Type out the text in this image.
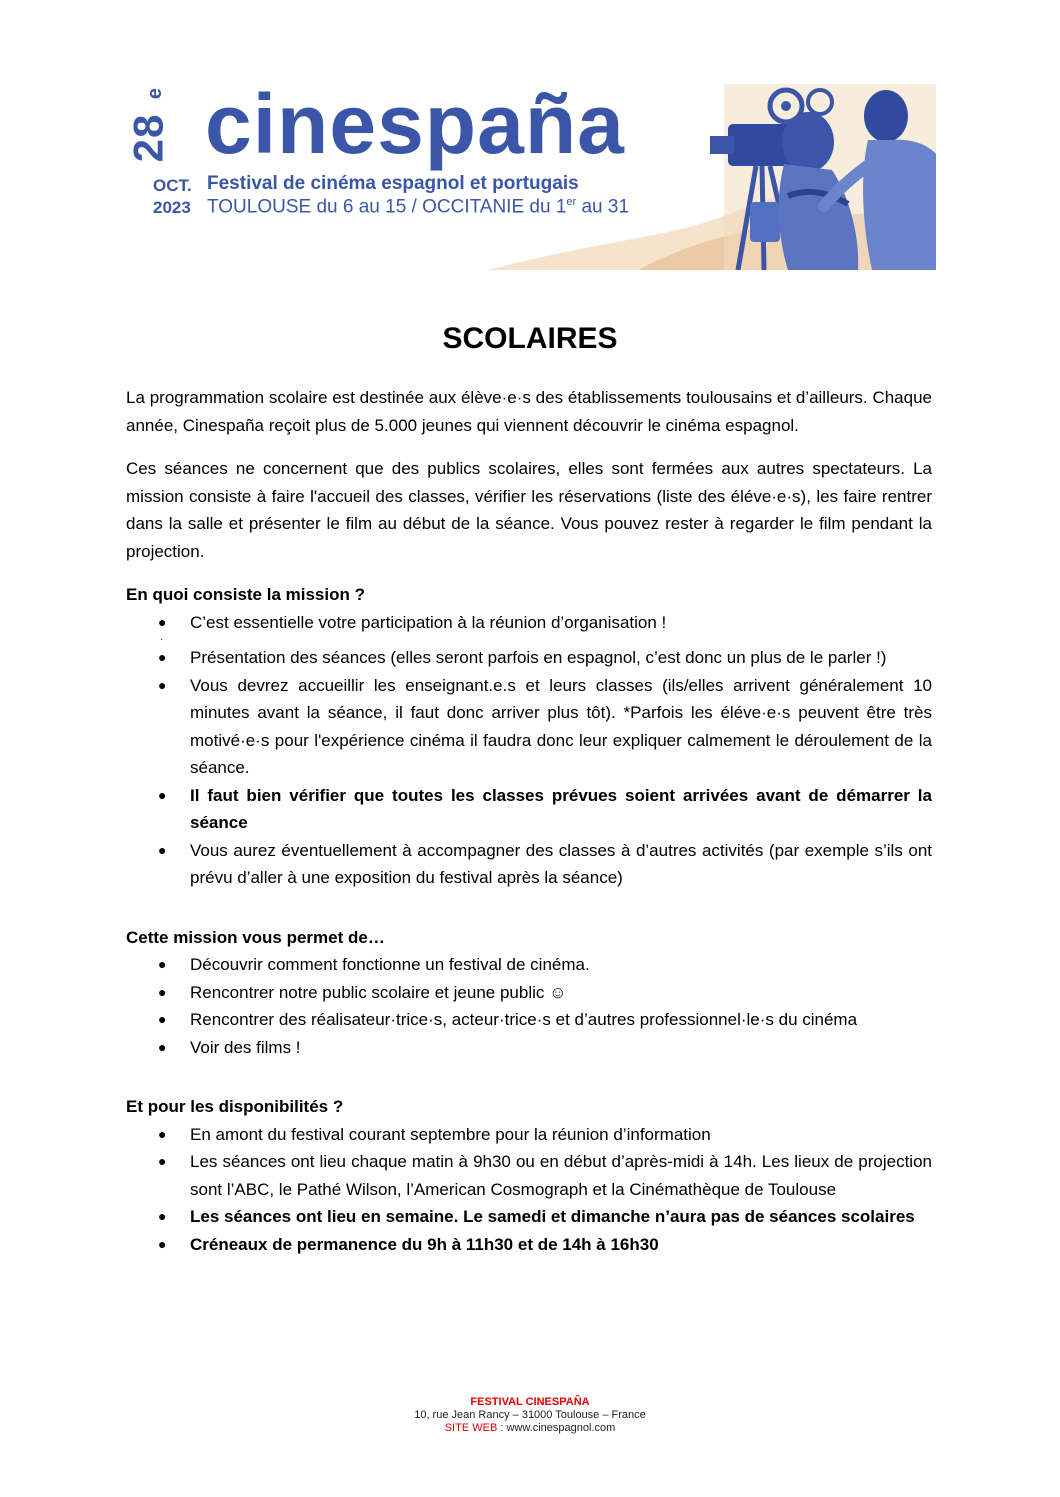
28
e cinespaña
OCT.
2023
Festival de cinéma espagnol et portugais
TOULOUSE du 6 au 15 / OCCITANIE du 1er au 31
SCOLAIRES

La programmation scolaire est destinée aux élève·e·s des établissements toulousains et d’ailleurs. Chaque année, Cinespaña reçoit plus de 5.000 jeunes qui viennent découvrir le cinéma espagnol.

Ces séances ne concernent que des publics scolaires, elles sont fermées aux autres spectateurs. La mission consiste à faire l'accueil des classes, vérifier les réservations (liste des éléve·e·s), les faire rentrer dans la salle et présenter le film au début de la séance. Vous pouvez rester à regarder le film pendant la projection.

En quoi consiste la mission ?
● C’est essentielle votre participation à la réunion d’organisation !
·
● Présentation des séances (elles seront parfois en espagnol, c’est donc un plus de le parler !)
● Vous devrez accueillir les enseignant.e.s et leurs classes (ils/elles arrivent généralement 10 minutes avant la séance, il faut donc arriver plus tôt). *Parfois les éléve·e·s peuvent être très motivé·e·s pour l'expérience cinéma il faudra donc leur expliquer calmement le déroulement de la séance.
● Il faut bien vérifier que toutes les classes prévues soient arrivées avant de démarrer la séance
● Vous aurez éventuellement à accompagner des classes à d’autres activités (par exemple s’ils ont prévu d’aller à une exposition du festival après la séance)
Cette mission vous permet de…
● Découvrir comment fonctionne un festival de cinéma.
● Rencontrer notre public scolaire et jeune public ☺
● Rencontrer des réalisateur·trice·s, acteur·trice·s et d’autres professionnel·le·s du cinéma
● Voir des films !
Et pour les disponibilités ?
● En amont du festival courant septembre pour la réunion d’information
● Les séances ont lieu chaque matin à 9h30 ou en début d’après-midi à 14h. Les lieux de projection sont l’ABC, le Pathé Wilson, l’American Cosmograph et la Cinémathèque de Toulouse
● Les séances ont lieu en semaine. Le samedi et dimanche n’aura pas de séances scolaires
● Créneaux de permanence du 9h à 11h30 et de 14h à 16h30
FESTIVAL CINESPAÑA
10, rue Jean Rancy – 31000 Toulouse – France
SITE WEB : www.cinespagnol.com
